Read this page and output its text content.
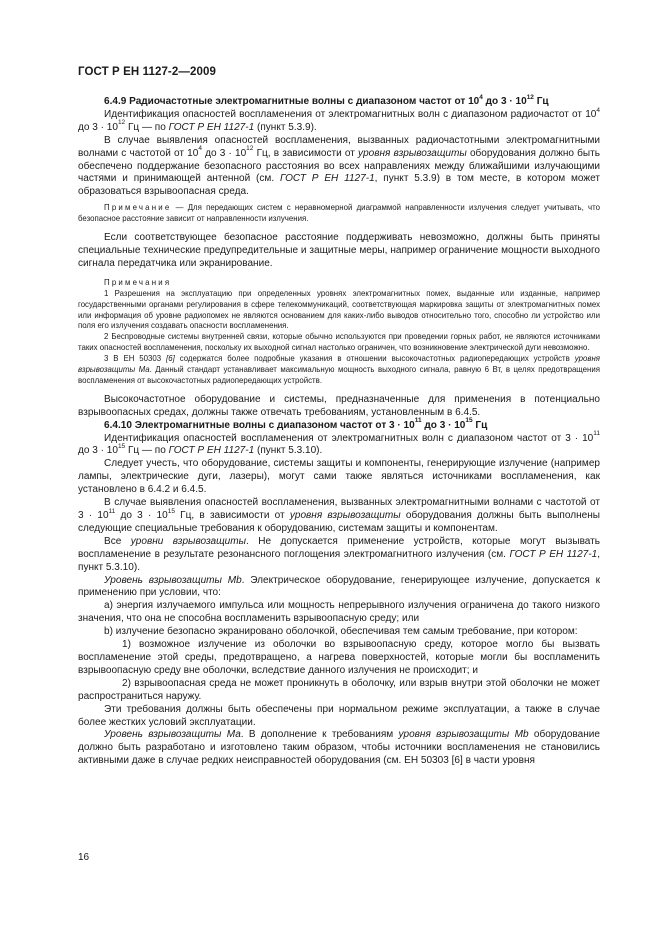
ГОСТ Р ЕН 1127-2—2009
6.4.9 Радиочастотные электромагнитные волны с диапазоном частот от $10^4$ до $3 \cdot 10^{12}$ Гц
Идентификация опасностей воспламенения от электромагнитных волн с диапазоном радиочастот от $10^4$ до $3 \cdot 10^{12}$ Гц — по ГОСТ Р ЕН 1127-1 (пункт 5.3.9).
В случае выявления опасностей воспламенения, вызванных радиочастотными электромагнитными волнами с частотой от $10^4$ до $3 \cdot 10^{12}$ Гц, в зависимости от уровня взрывозащиты оборудования должно быть обеспечено поддержание безопасного расстояния во всех направлениях между ближайшими излучающими частями и принимающей антенной (см. ГОСТ Р ЕН 1127-1, пункт 5.3.9) в том месте, в котором может образоваться взрывоопасная среда.
Примечание — Для передающих систем с неравномерной диаграммой направленности излучения следует учитывать, что безопасное расстояние зависит от направленности излучения.
Если соответствующее безопасное расстояние поддерживать невозможно, должны быть приняты специальные технические предупредительные и защитные меры, например ограничение мощности выходного сигнала передатчика или экранирование.
Примечания
1 Разрешения на эксплуатацию при определенных уровнях электромагнитных помех, выданные или изданные, например государственными органами регулирования в сфере телекоммуникаций, соответствующая маркировка защиты от электромагнитных помех или информация об уровне радиопомех не являются основанием для каких-либо выводов относительно того, способно ли устройство или поля его излучения создавать опасности воспламенения.
2 Беспроводные системы внутренней связи, которые обычно используются при проведении горных работ, не являются источниками таких опасностей воспламенения, поскольку их выходной сигнал настолько ограничен, что возникновение электрической дуги невозможно.
3 В ЕН 50303 [6] содержатся более подробные указания в отношении высокочастотных радиопередающих устройств уровня взрывозащиты Ма. Данный стандарт устанавливает максимальную мощность выходного сигнала, равную 6 Вт, в целях предотвращения воспламенения от высокочастотных радиопередающих устройств.
Высокочастотное оборудование и системы, предназначенные для применения в потенциально взрывоопасных средах, должны также отвечать требованиям, установленным в 6.4.5.
6.4.10 Электромагнитные волны с диапазоном частот от $3 \cdot 10^{11}$ до $3 \cdot 10^{15}$ Гц
Идентификация опасностей воспламенения от электромагнитных волн с диапазоном частот от $3 \cdot 10^{11}$ до $3 \cdot 10^{15}$ Гц — по ГОСТ Р ЕН 1127-1 (пункт 5.3.10).
Следует учесть, что оборудование, системы защиты и компоненты, генерирующие излучение (например лампы, электрические дуги, лазеры), могут сами также являться источниками воспламенения, как установлено в 6.4.2 и 6.4.5.
В случае выявления опасностей воспламенения, вызванных электромагнитными волнами с частотой от $3 \cdot 10^{11}$ до $3 \cdot 10^{15}$ Гц, в зависимости от уровня взрывозащиты оборудования должны быть выполнены следующие специальные требования к оборудованию, системам защиты и компонентам.
Все уровни взрывозащиты. Не допускается применение устройств, которые могут вызывать воспламенение в результате резонансного поглощения электромагнитного излучения (см. ГОСТ Р ЕН 1127-1, пункт 5.3.10).
Уровень взрывозащиты Mb. Электрическое оборудование, генерирующее излучение, допускается к применению при условии, что:
а) энергия излучаемого импульса или мощность непрерывного излучения ограничена до такого низкого значения, что она не способна воспламенить взрывоопасную среду; или
b) излучение безопасно экранировано оболочкой, обеспечивая тем самым требование, при котором:
1) возможное излучение из оболочки во взрывоопасную среду, которое могло бы вызвать воспламенение этой среды, предотвращено, а нагрева поверхностей, которые могли бы воспламенить взрывоопасную среду вне оболочки, вследствие данного излучения не происходит; и
2) взрывоопасная среда не может проникнуть в оболочку, или взрыв внутри этой оболочки не может распространиться наружу.
Эти требования должны быть обеспечены при нормальном режиме эксплуатации, а также в случае более жестких условий эксплуатации.
Уровень взрывозащиты Ма. В дополнение к требованиям уровня взрывозащиты Mb оборудование должно быть разработано и изготовлено таким образом, чтобы источники воспламенения не становились активными даже в случае редких неисправностей оборудования (см. ЕН 50303 [6] в части уровня
16
